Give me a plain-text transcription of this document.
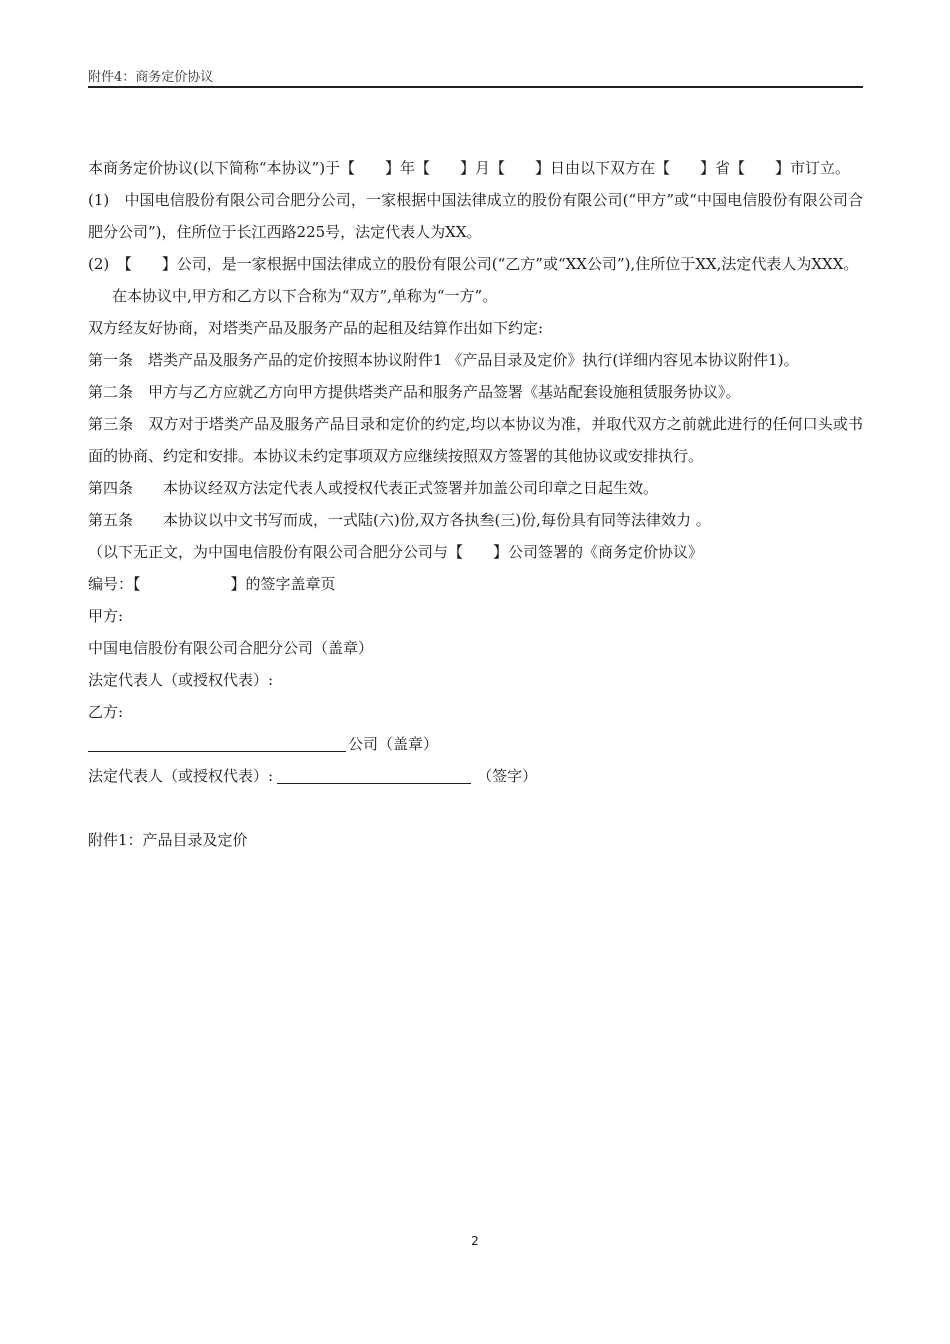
附件4：商务定价协议

本商务定价协议(以下简称“本协议”)于【　　】年【　　】月【　　】日由以下双方在【　　】省【　　】市订立。

(1)　中国电信股份有限公司合肥分公司，一家根据中国法律成立的股份有限公司(“甲方”或“中国电信股份有限公司合肥分公司”)，住所位于长江西路225号，法定代表人为XX。

(2)　【　　】公司，是一家根据中国法律成立的股份有限公司(“乙方”或“XX公司”),住所位于XX,法定代表人为XXX。

在本协议中,甲方和乙方以下合称为“双方”,单称为“一方”。

双方经友好协商，对塔类产品及服务产品的起租及结算作出如下约定:

第一条　塔类产品及服务产品的定价按照本协议附件1 《产品目录及定价》执行(详细内容见本协议附件1)。

第二条　甲方与乙方应就乙方向甲方提供塔类产品和服务产品签署《基站配套设施租赁服务协议》。

第三条　双方对于塔类产品及服务产品目录和定价的约定,均以本协议为准，并取代双方之前就此进行的任何口头或书面的协商、约定和安排。本协议未约定事项双方应继续按照双方签署的其他协议或安排执行。

第四条　　本协议经双方法定代表人或授权代表正式签署并加盖公司印章之日起生效。

第五条　　本协议以中文书写而成，一式陆(六)份,双方各执叁(三)份,每份具有同等法律效力 。

（以下无正文，为中国电信股份有限公司合肥分公司与【　　】公司签署的《商务定价协议》

编号：【　　　　　　】的签字盖章页

甲方:

中国电信股份有限公司合肥分公司（盖章）

法定代表人（或授权代表）:

乙方:

公司（盖章）

法定代表人（或授权代表）:	（签字）

附件1：产品目录及定价

2
